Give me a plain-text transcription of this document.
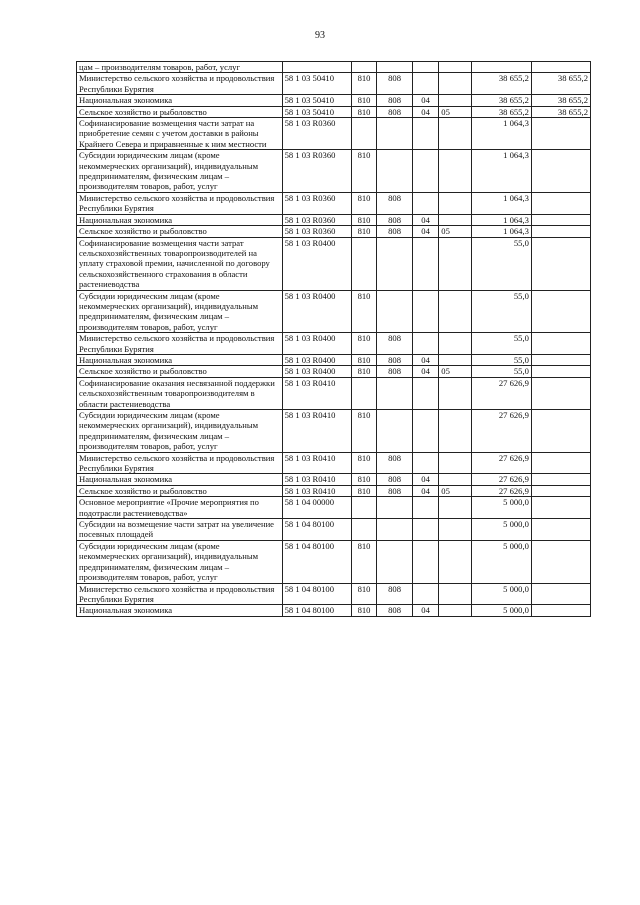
93
цам – производителям товаров, работ, услуг							
Министерство сельского хозяйства и продовольствия Республики Бурятия	58 1 03 50410	810	808			38 655,2	38 655,2
Национальная экономика	58 1 03 50410	810	808	04		38 655,2	38 655,2
Сельское хозяйство и рыболовство	58 1 03 50410	810	808	04	05	38 655,2	38 655,2
Софинансирование возмещения части затрат на приобретение семян с учетом доставки в районы Крайнего Севера и приравненные к ним местности	58 1 03 R0360					1 064,3	
Субсидии юридическим лицам (кроме некоммерческих организаций), индивидуальным предпринимателям, физическим лицам – производителям товаров, работ, услуг	58 1 03 R0360	810				1 064,3	
Министерство сельского хозяйства и продовольствия Республики Бурятия	58 1 03 R0360	810	808			1 064,3	
Национальная экономика	58 1 03 R0360	810	808	04		1 064,3	
Сельское хозяйство и рыболовство	58 1 03 R0360	810	808	04	05	1 064,3	
Софинансирование возмещения части затрат сельскохозяйственных товаропроизводителей на уплату страховой премии, начисленной по договору сельскохозяйственного страхования в области растениеводства	58 1 03 R0400					55,0	
Субсидии юридическим лицам (кроме некоммерческих организаций), индивидуальным предпринимателям, физическим лицам – производителям товаров, работ, услуг	58 1 03 R0400	810				55,0	
Министерство сельского хозяйства и продовольствия Республики Бурятия	58 1 03 R0400	810	808			55,0	
Национальная экономика	58 1 03 R0400	810	808	04		55,0	
Сельское хозяйство и рыболовство	58 1 03 R0400	810	808	04	05	55,0	
Софинансирование оказания несвязанной поддержки сельскохозяйственным товаропроизводителям в области растениеводства	58 1 03 R0410					27 626,9	
Субсидии юридическим лицам (кроме некоммерческих организаций), индивидуальным предпринимателям, физическим лицам – производителям товаров, работ, услуг	58 1 03 R0410	810				27 626,9	
Министерство сельского хозяйства и продовольствия Республики Бурятия	58 1 03 R0410	810	808			27 626,9	
Национальная экономика	58 1 03 R0410	810	808	04		27 626,9	
Сельское хозяйство и рыболовство	58 1 03 R0410	810	808	04	05	27 626,9	
Основное мероприятие «Прочие мероприятия по подотрасли растениеводства»	58 1 04 00000					5 000,0	
Субсидии на возмещение части затрат на увеличение посевных площадей	58 1 04 80100					5 000,0	
Субсидии юридическим лицам (кроме некоммерческих организаций), индивидуальным предпринимателям, физическим лицам – производителям товаров, работ, услуг	58 1 04 80100	810				5 000,0	
Министерство сельского хозяйства и продовольствия Республики Бурятия	58 1 04 80100	810	808			5 000,0	
Национальная экономика	58 1 04 80100	810	808	04		5 000,0	
